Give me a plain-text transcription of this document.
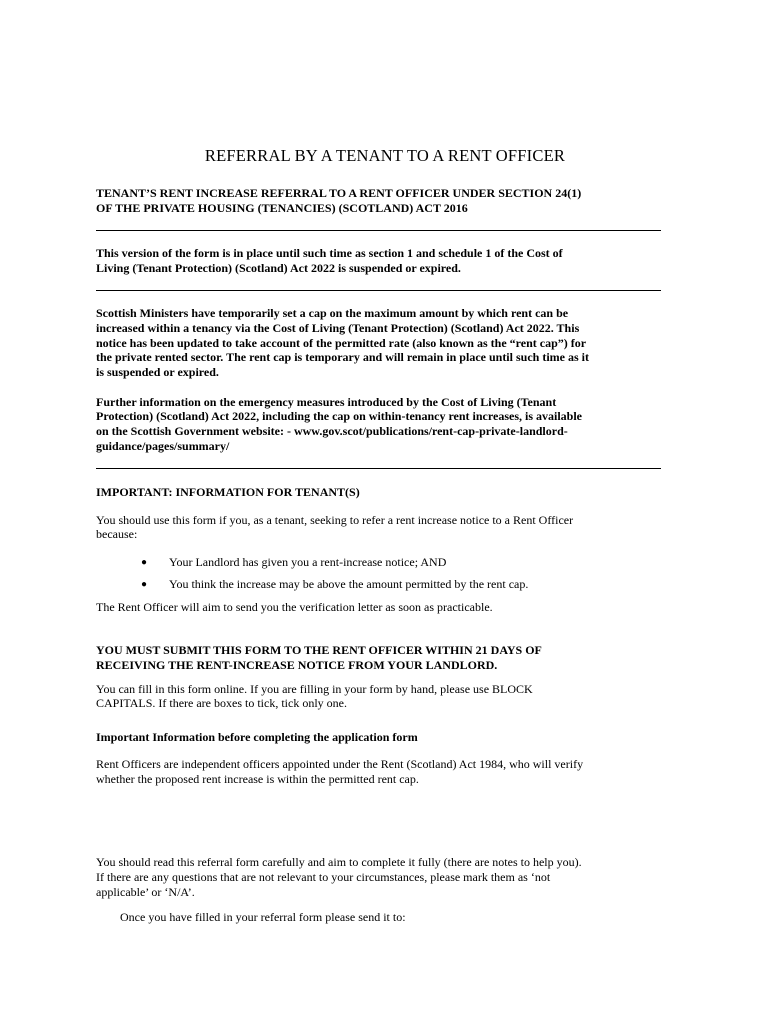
REFERRAL BY A TENANT TO A RENT OFFICER
TENANT’S RENT INCREASE REFERRAL TO A RENT OFFICER UNDER SECTION 24(1)
OF THE PRIVATE HOUSING (TENANCIES) (SCOTLAND) ACT 2016
This version of the form is in place until such time as section 1 and schedule 1 of the Cost of
Living (Tenant Protection) (Scotland) Act 2022 is suspended or expired.
Scottish Ministers have temporarily set a cap on the maximum amount by which rent can be
increased within a tenancy via the Cost of Living (Tenant Protection) (Scotland) Act 2022. This
notice has been updated to take account of the permitted rate (also known as the “rent cap”) for
the private rented sector. The rent cap is temporary and will remain in place until such time as it
is suspended or expired.
Further information on the emergency measures introduced by the Cost of Living (Tenant
Protection) (Scotland) Act 2022, including the cap on within-tenancy rent increases, is available
on the Scottish Government website: - www.gov.scot/publications/rent-cap-private-landlord-
guidance/pages/summary/
IMPORTANT: INFORMATION FOR TENANT(S)
You should use this form if you, as a tenant, seeking to refer a rent increase notice to a Rent Officer
because:
● Your Landlord has given you a rent-increase notice; AND
● You think the increase may be above the amount permitted by the rent cap.
The Rent Officer will aim to send you the verification letter as soon as practicable.
YOU MUST SUBMIT THIS FORM TO THE RENT OFFICER WITHIN 21 DAYS OF
RECEIVING THE RENT-INCREASE NOTICE FROM YOUR LANDLORD.
You can fill in this form online. If you are filling in your form by hand, please use BLOCK
CAPITALS. If there are boxes to tick, tick only one.
Important Information before completing the application form
Rent Officers are independent officers appointed under the Rent (Scotland) Act 1984, who will verify
whether the proposed rent increase is within the permitted rent cap.
You should read this referral form carefully and aim to complete it fully (there are notes to help you).
If there are any questions that are not relevant to your circumstances, please mark them as ‘not
applicable’ or ‘N/A’.
Once you have filled in your referral form please send it to:
